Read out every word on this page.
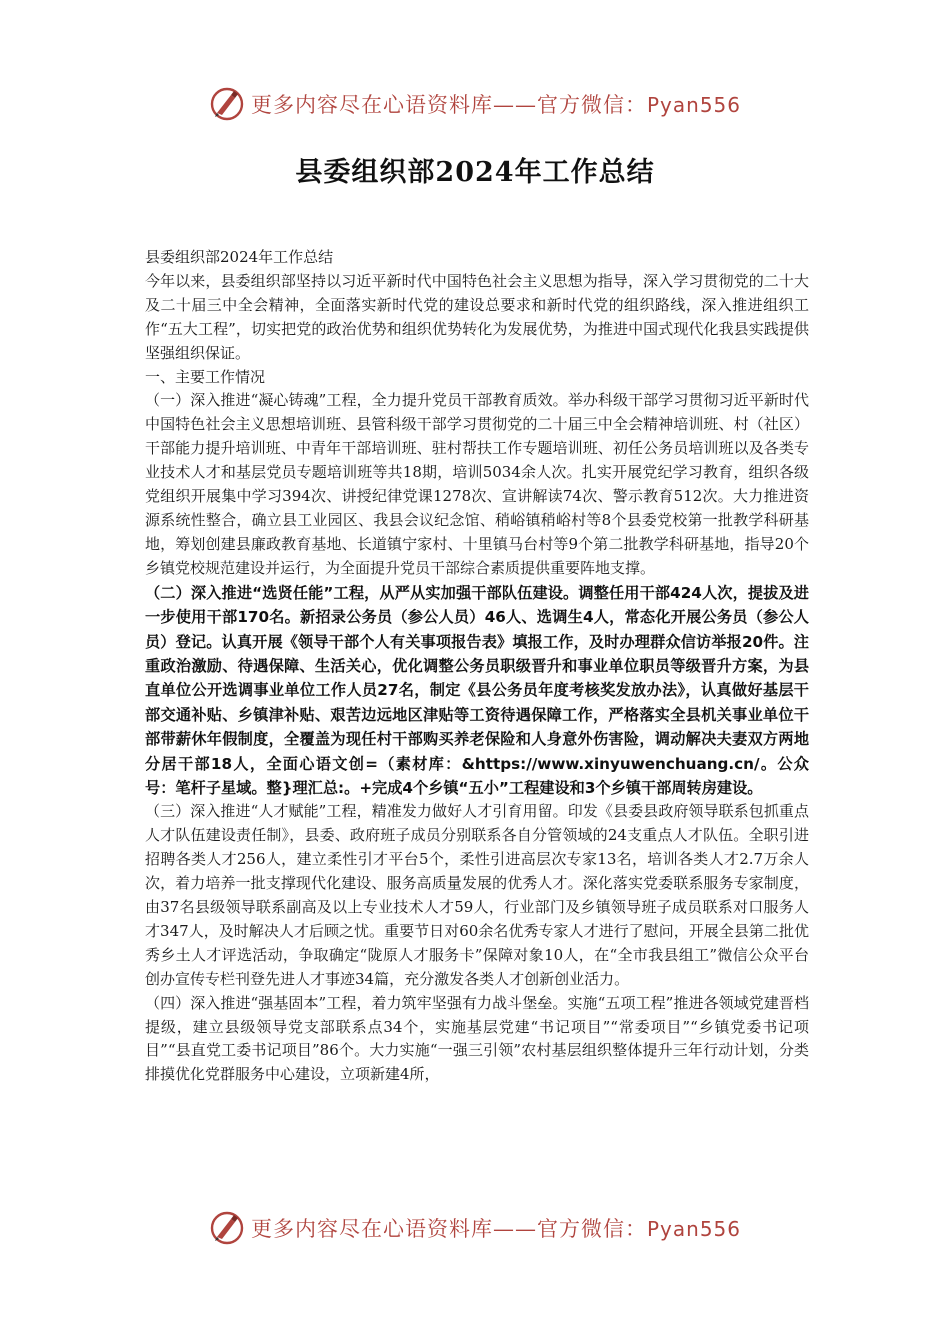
更多内容尽在心语资料库——官方微信：Pyan556
县委组织部2024年工作总结

县委组织部2024年工作总结

今年以来，县委组织部坚持以习近平新时代中国特色社会主义思想为指导，深入学习贯彻党的二十大及二十届三中全会精神，全面落实新时代党的建设总要求和新时代党的组织路线，深入推进组织工作“五大工程”，切实把党的政治优势和组织优势转化为发展优势，为推进中国式现代化我县实践提供坚强组织保证。

一、主要工作情况

（一）深入推进“凝心铸魂”工程，全力提升党员干部教育质效。举办科级干部学习贯彻习近平新时代中国特色社会主义思想培训班、县管科级干部学习贯彻党的二十届三中全会精神培训班、村（社区）干部能力提升培训班、中青年干部培训班、驻村帮扶工作专题培训班、初任公务员培训班以及各类专业技术人才和基层党员专题培训班等共18期，培训5034余人次。扎实开展党纪学习教育，组织各级党组织开展集中学习394次、讲授纪律党课1278次、宣讲解读74次、警示教育512次。大力推进资源系统性整合，确立县工业园区、我县会议纪念馆、稍峪镇稍峪村等8个县委党校第一批教学科研基地，筹划创建县廉政教育基地、长道镇宁家村、十里镇马台村等9个第二批教学科研基地，指导20个乡镇党校规范建设并运行，为全面提升党员干部综合素质提供重要阵地支撑。

（二）深入推进“选贤任能”工程，从严从实加强干部队伍建设。调整任用干部424人次，提拔及进一步使用干部170名。新招录公务员（参公人员）46人、选调生4人，常态化开展公务员（参公人员）登记。认真开展《领导干部个人有关事项报告表》填报工作，及时办理群众信访举报20件。注重政治激励、待遇保障、生活关心，优化调整公务员职级晋升和事业单位职员等级晋升方案，为县直单位公开选调事业单位工作人员27名，制定《县公务员年度考核奖发放办法》，认真做好基层干部交通补贴、乡镇津补贴、艰苦边远地区津贴等工资待遇保障工作，严格落实全县机关事业单位干部带薪休年假制度，全覆盖为现任村干部购买养老保险和人身意外伤害险，调动解决夫妻双方两地分居干部18人，全面心语文创=（素材库：&https://www.xinyuwenchuang.cn/。公众号：笔杆子星域。整}理汇总:。+完成4个乡镇“五小”工程建设和3个乡镇干部周转房建设。

（三）深入推进“人才赋能”工程，精准发力做好人才引育用留。印发《县委县政府领导联系包抓重点人才队伍建设责任制》，县委、政府班子成员分别联系各自分管领域的24支重点人才队伍。全职引进招聘各类人才256人，建立柔性引才平台5个，柔性引进高层次专家13名，培训各类人才2.7万余人次，着力培养一批支撑现代化建设、服务高质量发展的优秀人才。深化落实党委联系服务专家制度，由37名县级领导联系副高及以上专业技术人才59人，行业部门及乡镇领导班子成员联系对口服务人才347人，及时解决人才后顾之忧。重要节日对60余名优秀专家人才进行了慰问，开展全县第二批优秀乡土人才评选活动，争取确定“陇原人才服务卡”保障对象10人，在“全市我县组工”微信公众平台创办宣传专栏刊登先进人才事迹34篇，充分激发各类人才创新创业活力。

（四）深入推进“强基固本”工程，着力筑牢坚强有力战斗堡垒。实施“五项工程”推进各领域党建晋档提级，建立县级领导党支部联系点34个，实施基层党建“书记项目”“常委项目”“乡镇党委书记项目”“县直党工委书记项目”86个。大力实施“一强三引领”农村基层组织整体提升三年行动计划，分类排摸优化党群服务中心建设，立项新建4所，

更多内容尽在心语资料库——官方微信：Pyan556
